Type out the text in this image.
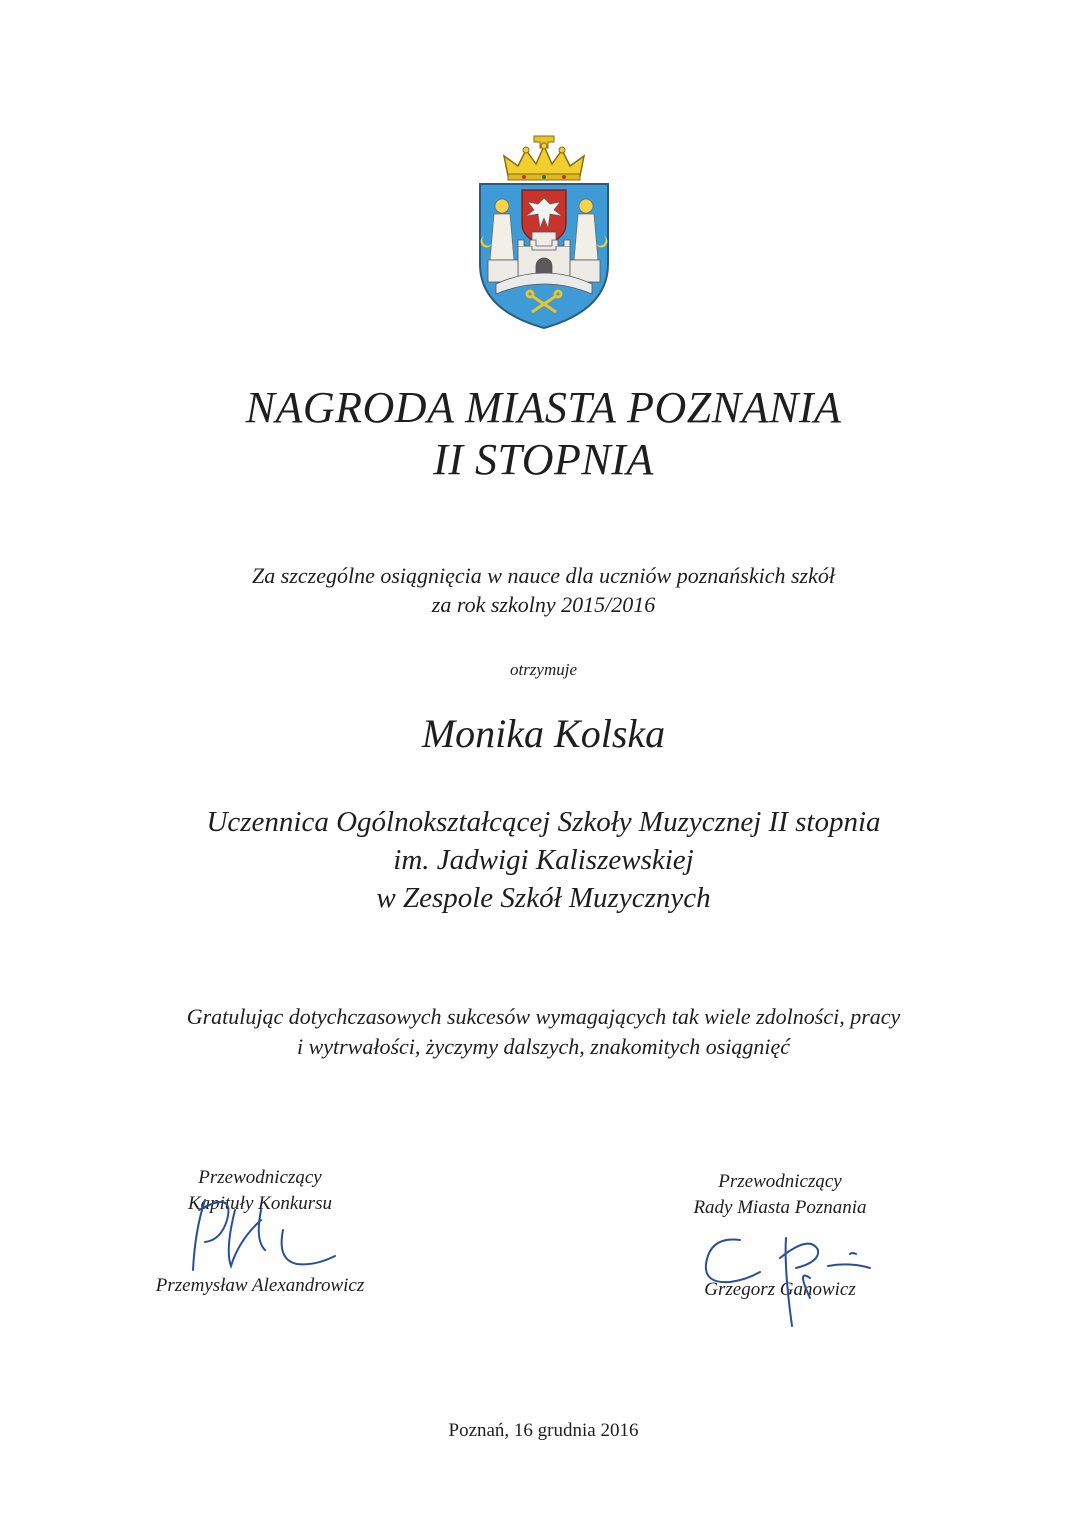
NAGRODA MIASTA POZNANIA
II STOPNIA
Za szczególne osiągnięcia w nauce dla uczniów poznańskich szkół
za rok szkolny 2015/2016
otrzymuje
Monika Kolska
Uczennica Ogólnokształcącej Szkoły Muzycznej II stopnia
im. Jadwigi Kaliszewskiej
w Zespole Szkół Muzycznych
Gratulując dotychczasowych sukcesów wymagających tak wiele zdolności, pracy
i wytrwałości, życzymy dalszych, znakomitych osiągnięć
Przewodniczący
Kapituły Konkursu
Przemysław Alexandrowicz
Przewodniczący
Rady Miasta Poznania
Grzegorz Ganowicz
Poznań, 16 grudnia 2016
